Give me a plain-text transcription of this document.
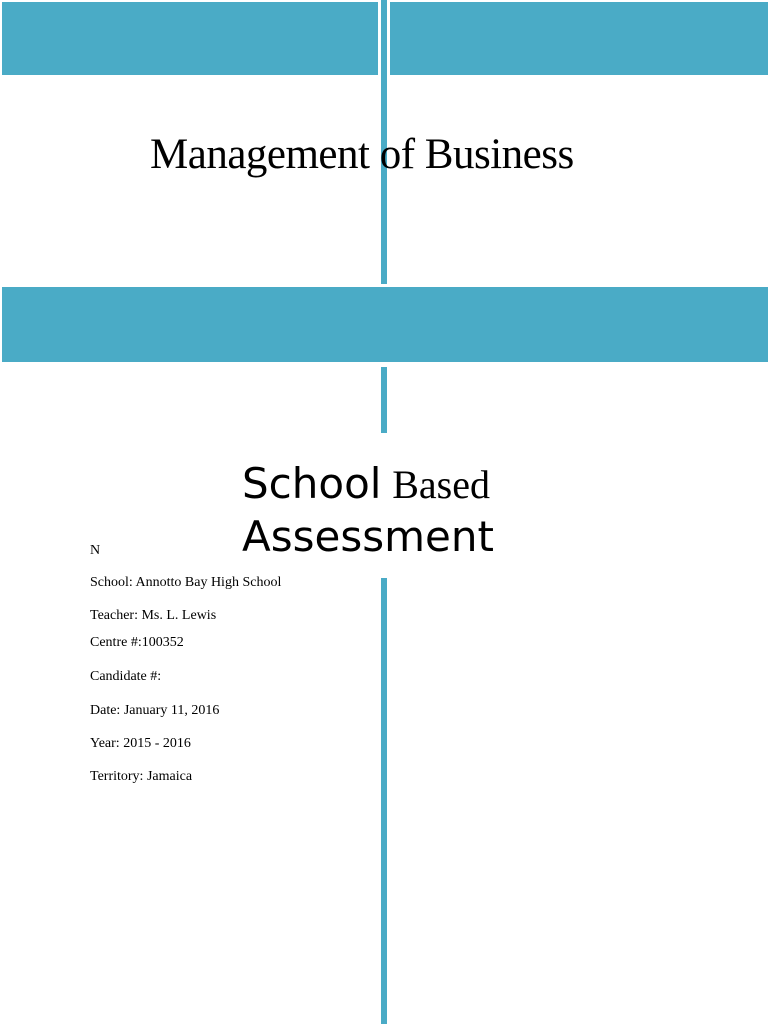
Management of Business
School Based
Assessment
N
School: Annotto Bay High School
Teacher: Ms. L. Lewis
Centre #:100352
Candidate #:
Date: January 11, 2016
Year: 2015 - 2016
Territory: Jamaica
